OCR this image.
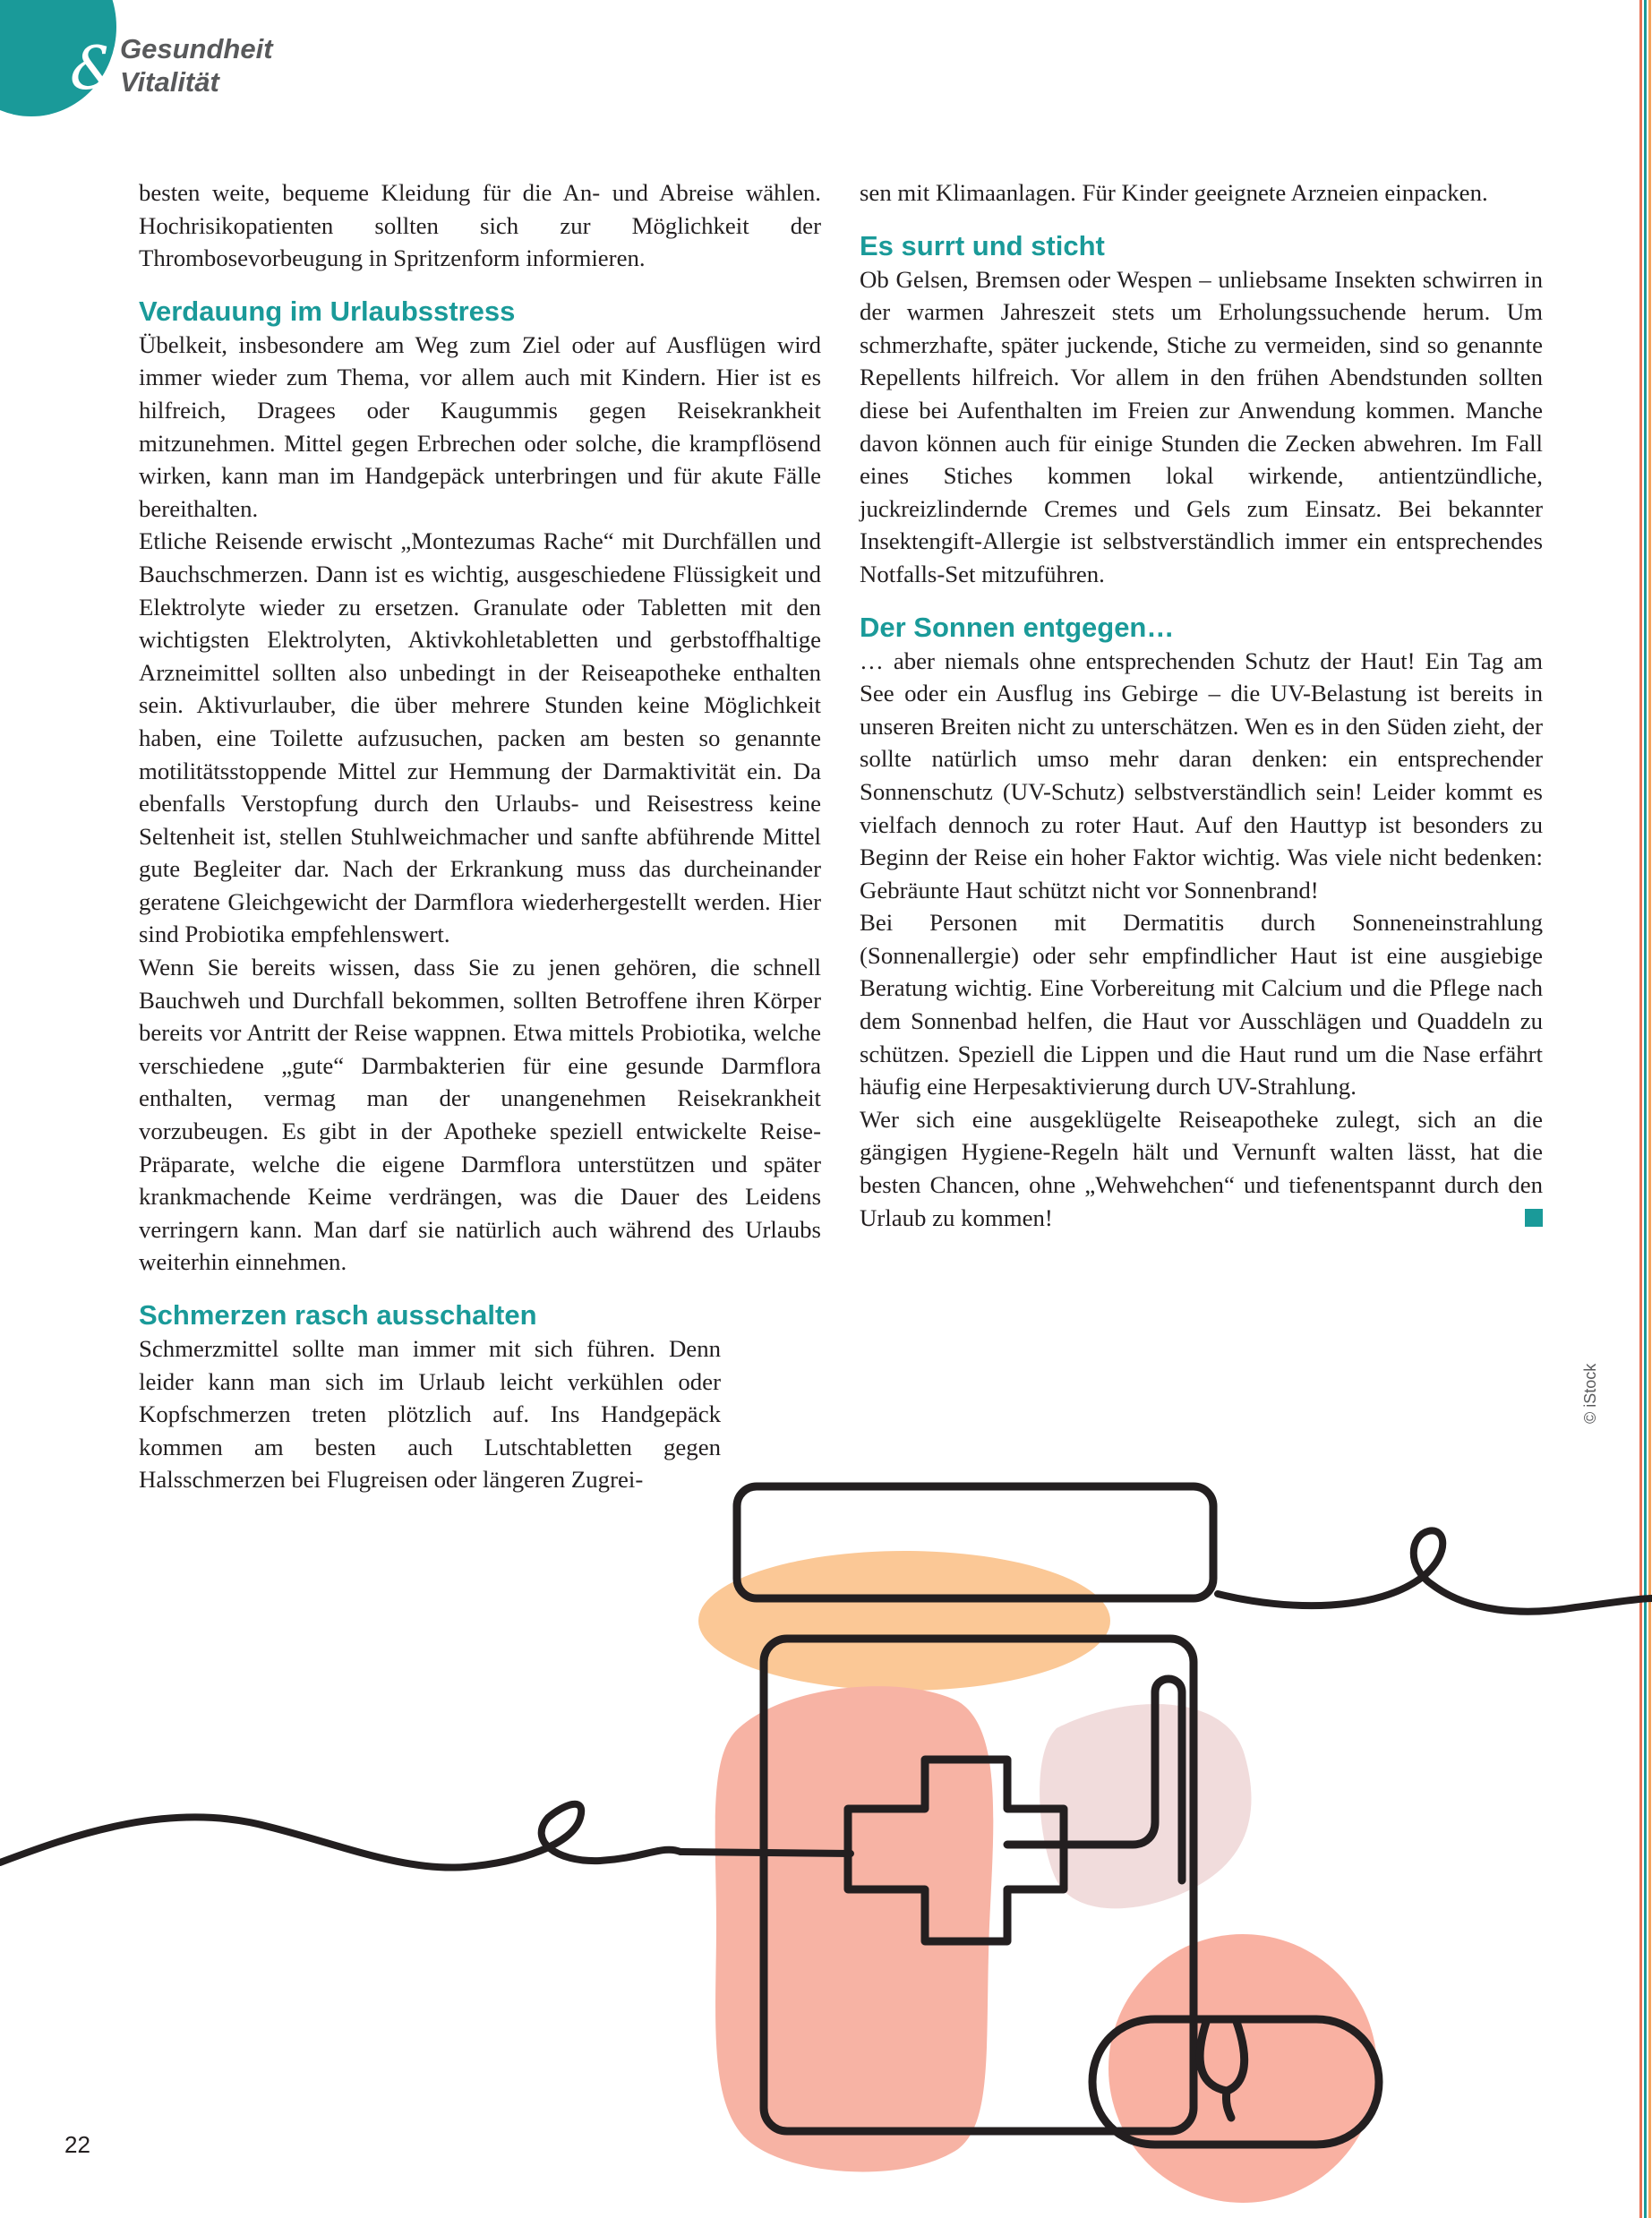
&
Gesundheit
Vitalität

besten weite, bequeme Kleidung für die An- und Abreise wählen. Hochrisikopatienten sollten sich zur Möglichkeit der Thrombosevorbeugung in Spritzenform informieren.

Verdauung im Urlaubsstress

Übelkeit, insbesondere am Weg zum Ziel oder auf Ausflügen wird immer wieder zum Thema, vor allem auch mit Kindern. Hier ist es hilfreich, Dragees oder Kaugummis gegen Reisekrankheit mitzunehmen. Mittel gegen Erbrechen oder solche, die krampflösend wirken, kann man im Handgepäck unterbringen und für akute Fälle bereithalten.

Etliche Reisende erwischt „Montezumas Rache“ mit Durchfällen und Bauchschmerzen. Dann ist es wichtig, ausgeschiedene Flüssigkeit und Elektrolyte wieder zu ersetzen. Granulate oder Tabletten mit den wichtigsten Elektrolyten, Aktivkohletabletten und gerbstoffhaltige Arzneimittel sollten also unbedingt in der Reiseapotheke enthalten sein. Aktivurlauber, die über mehrere Stunden keine Möglichkeit haben, eine Toilette aufzusuchen, packen am besten so genannte motilitätsstoppende Mittel zur Hemmung der Darmaktivität ein. Da ebenfalls Verstopfung durch den Urlaubs- und Reisestress keine Seltenheit ist, stellen Stuhlweichmacher und sanfte abführende Mittel gute Begleiter dar. Nach der Erkrankung muss das durcheinander geratene Gleichgewicht der Darmflora wiederhergestellt werden. Hier sind Probiotika empfehlenswert.

Wenn Sie bereits wissen, dass Sie zu jenen gehören, die schnell Bauchweh und Durchfall bekommen, sollten Betroffene ihren Körper bereits vor Antritt der Reise wappnen. Etwa mittels Probiotika, welche verschiedene „gute“ Darmbakterien für eine gesunde Darmflora enthalten, vermag man der unangenehmen Reisekrankheit vorzubeugen. Es gibt in der Apotheke speziell entwickelte Reise-Präparate, welche die eigene Darmflora unterstützen und später krankmachende Keime verdrängen, was die Dauer des Leidens verringern kann. Man darf sie natürlich auch während des Urlaubs weiterhin einnehmen.

Schmerzen rasch ausschalten

Schmerzmittel sollte man immer mit sich führen. Denn leider kann man sich im Urlaub leicht verkühlen oder Kopfschmerzen treten plötzlich auf. Ins Handgepäck kommen am besten auch Lutschtabletten gegen Halsschmerzen bei Flugreisen oder längeren Zugrei-

sen mit Klimaanlagen. Für Kinder geeignete Arzneien einpacken.

Es surrt und sticht

Ob Gelsen, Bremsen oder Wespen – unliebsame Insekten schwirren in der warmen Jahreszeit stets um Erholungssuchende herum. Um schmerzhafte, später juckende, Stiche zu vermeiden, sind so genannte Repellents hilfreich. Vor allem in den frühen Abendstunden sollten diese bei Aufenthalten im Freien zur Anwendung kommen. Manche davon können auch für einige Stunden die Zecken abwehren. Im Fall eines Stiches kommen lokal wirkende, antientzündliche, juckreizlindernde Cremes und Gels zum Einsatz. Bei bekannter Insektengift-Allergie ist selbstverständlich immer ein entsprechendes Notfalls-Set mitzuführen.

Der Sonnen entgegen…

… aber niemals ohne entsprechenden Schutz der Haut! Ein Tag am See oder ein Ausflug ins Gebirge – die UV-Belastung ist bereits in unseren Breiten nicht zu unterschätzen. Wen es in den Süden zieht, der sollte natürlich umso mehr daran denken: ein entsprechender Sonnenschutz (UV-Schutz) selbstverständlich sein! Leider kommt es vielfach dennoch zu roter Haut. Auf den Hauttyp ist besonders zu Beginn der Reise ein hoher Faktor wichtig. Was viele nicht bedenken: Gebräunte Haut schützt nicht vor Sonnenbrand!

Bei Personen mit Dermatitis durch Sonneneinstrahlung (Sonnenallergie) oder sehr empfindlicher Haut ist eine ausgiebige Beratung wichtig. Eine Vorbereitung mit Calcium und die Pflege nach dem Sonnenbad helfen, die Haut vor Ausschlägen und Quaddeln zu schützen. Speziell die Lippen und die Haut rund um die Nase erfährt häufig eine Herpesaktivierung durch UV-Strahlung.

Wer sich eine ausgeklügelte Reiseapotheke zulegt, sich an die gängigen Hygiene-Regeln hält und Vernunft walten lässt, hat die besten Chancen, ohne „Wehwehchen“ und tiefenentspannt durch den Urlaub zu kommen!

© iStock
22
